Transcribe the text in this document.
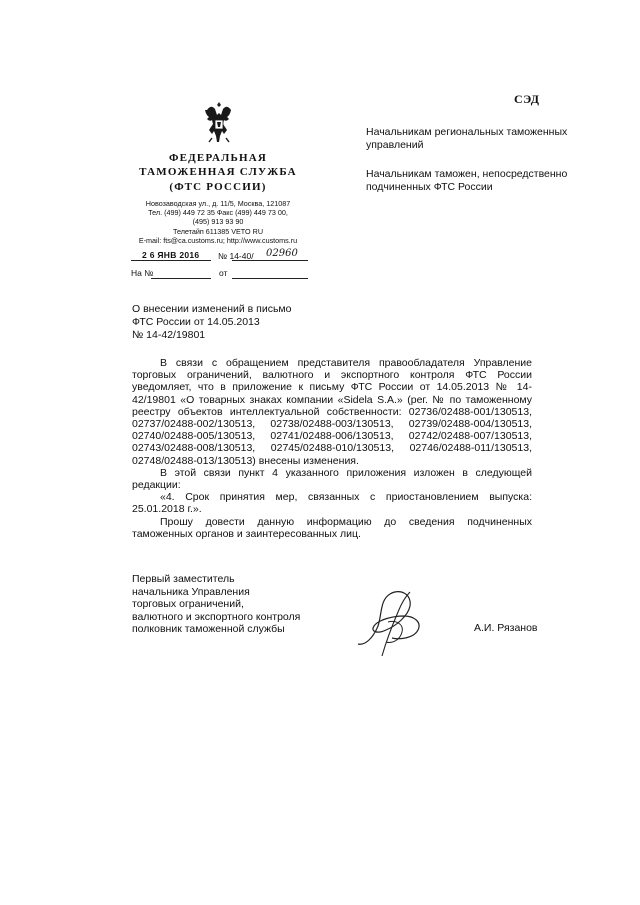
СЭД
ФЕДЕРАЛЬНАЯ
ТАМОЖЕННАЯ СЛУЖБА
(ФТС РОССИИ)
Новозаводская ул., д. 11/5, Москва, 121087
Тел. (499) 449 72 35 Факс (499) 449 73 00,
(495) 913 93 90
Телетайп 611385 VETO RU
E-mail: fts@ca.customs.ru; http://www.customs.ru
2 6 ЯНВ 2016 № 14-40/ 02960
На №	от
Начальникам региональных таможенных управлений
Начальникам таможен, непосредственно подчиненных ФТС России
О внесении изменений в письмо
ФТС России от 14.05.2013
№ 14-42/19801

В связи с обращением представителя правообладателя Управление торговых ограничений, валютного и экспортного контроля ФТС России уведомляет, что в приложение к письму ФТС России от 14.05.2013 № 14-42/19801 «О товарных знаках компании «Sidela S.A.» (рег. № по таможенному реестру объектов интеллектуальной собственности: 02736/02488-001/130513, 02737/02488-002/130513, 02738/02488-003/130513, 02739/02488-004/130513, 02740/02488-005/130513, 02741/02488-006/130513, 02742/02488-007/130513, 02743/02488-008/130513, 02745/02488-010/130513, 02746/02488-011/130513, 02748/02488-013/130513) внесены изменения.

В этой связи пункт 4 указанного приложения изложен в следующей редакции:

«4. Срок принятия мер, связанных с приостановлением выпуска: 25.01.2018 г.».

Прошу довести данную информацию до сведения подчиненных таможенных органов и заинтересованных лиц.

Первый заместитель
начальника Управления
торговых ограничений,
валютного и экспортного контроля
полковник таможенной службы	А.И. Рязанов
